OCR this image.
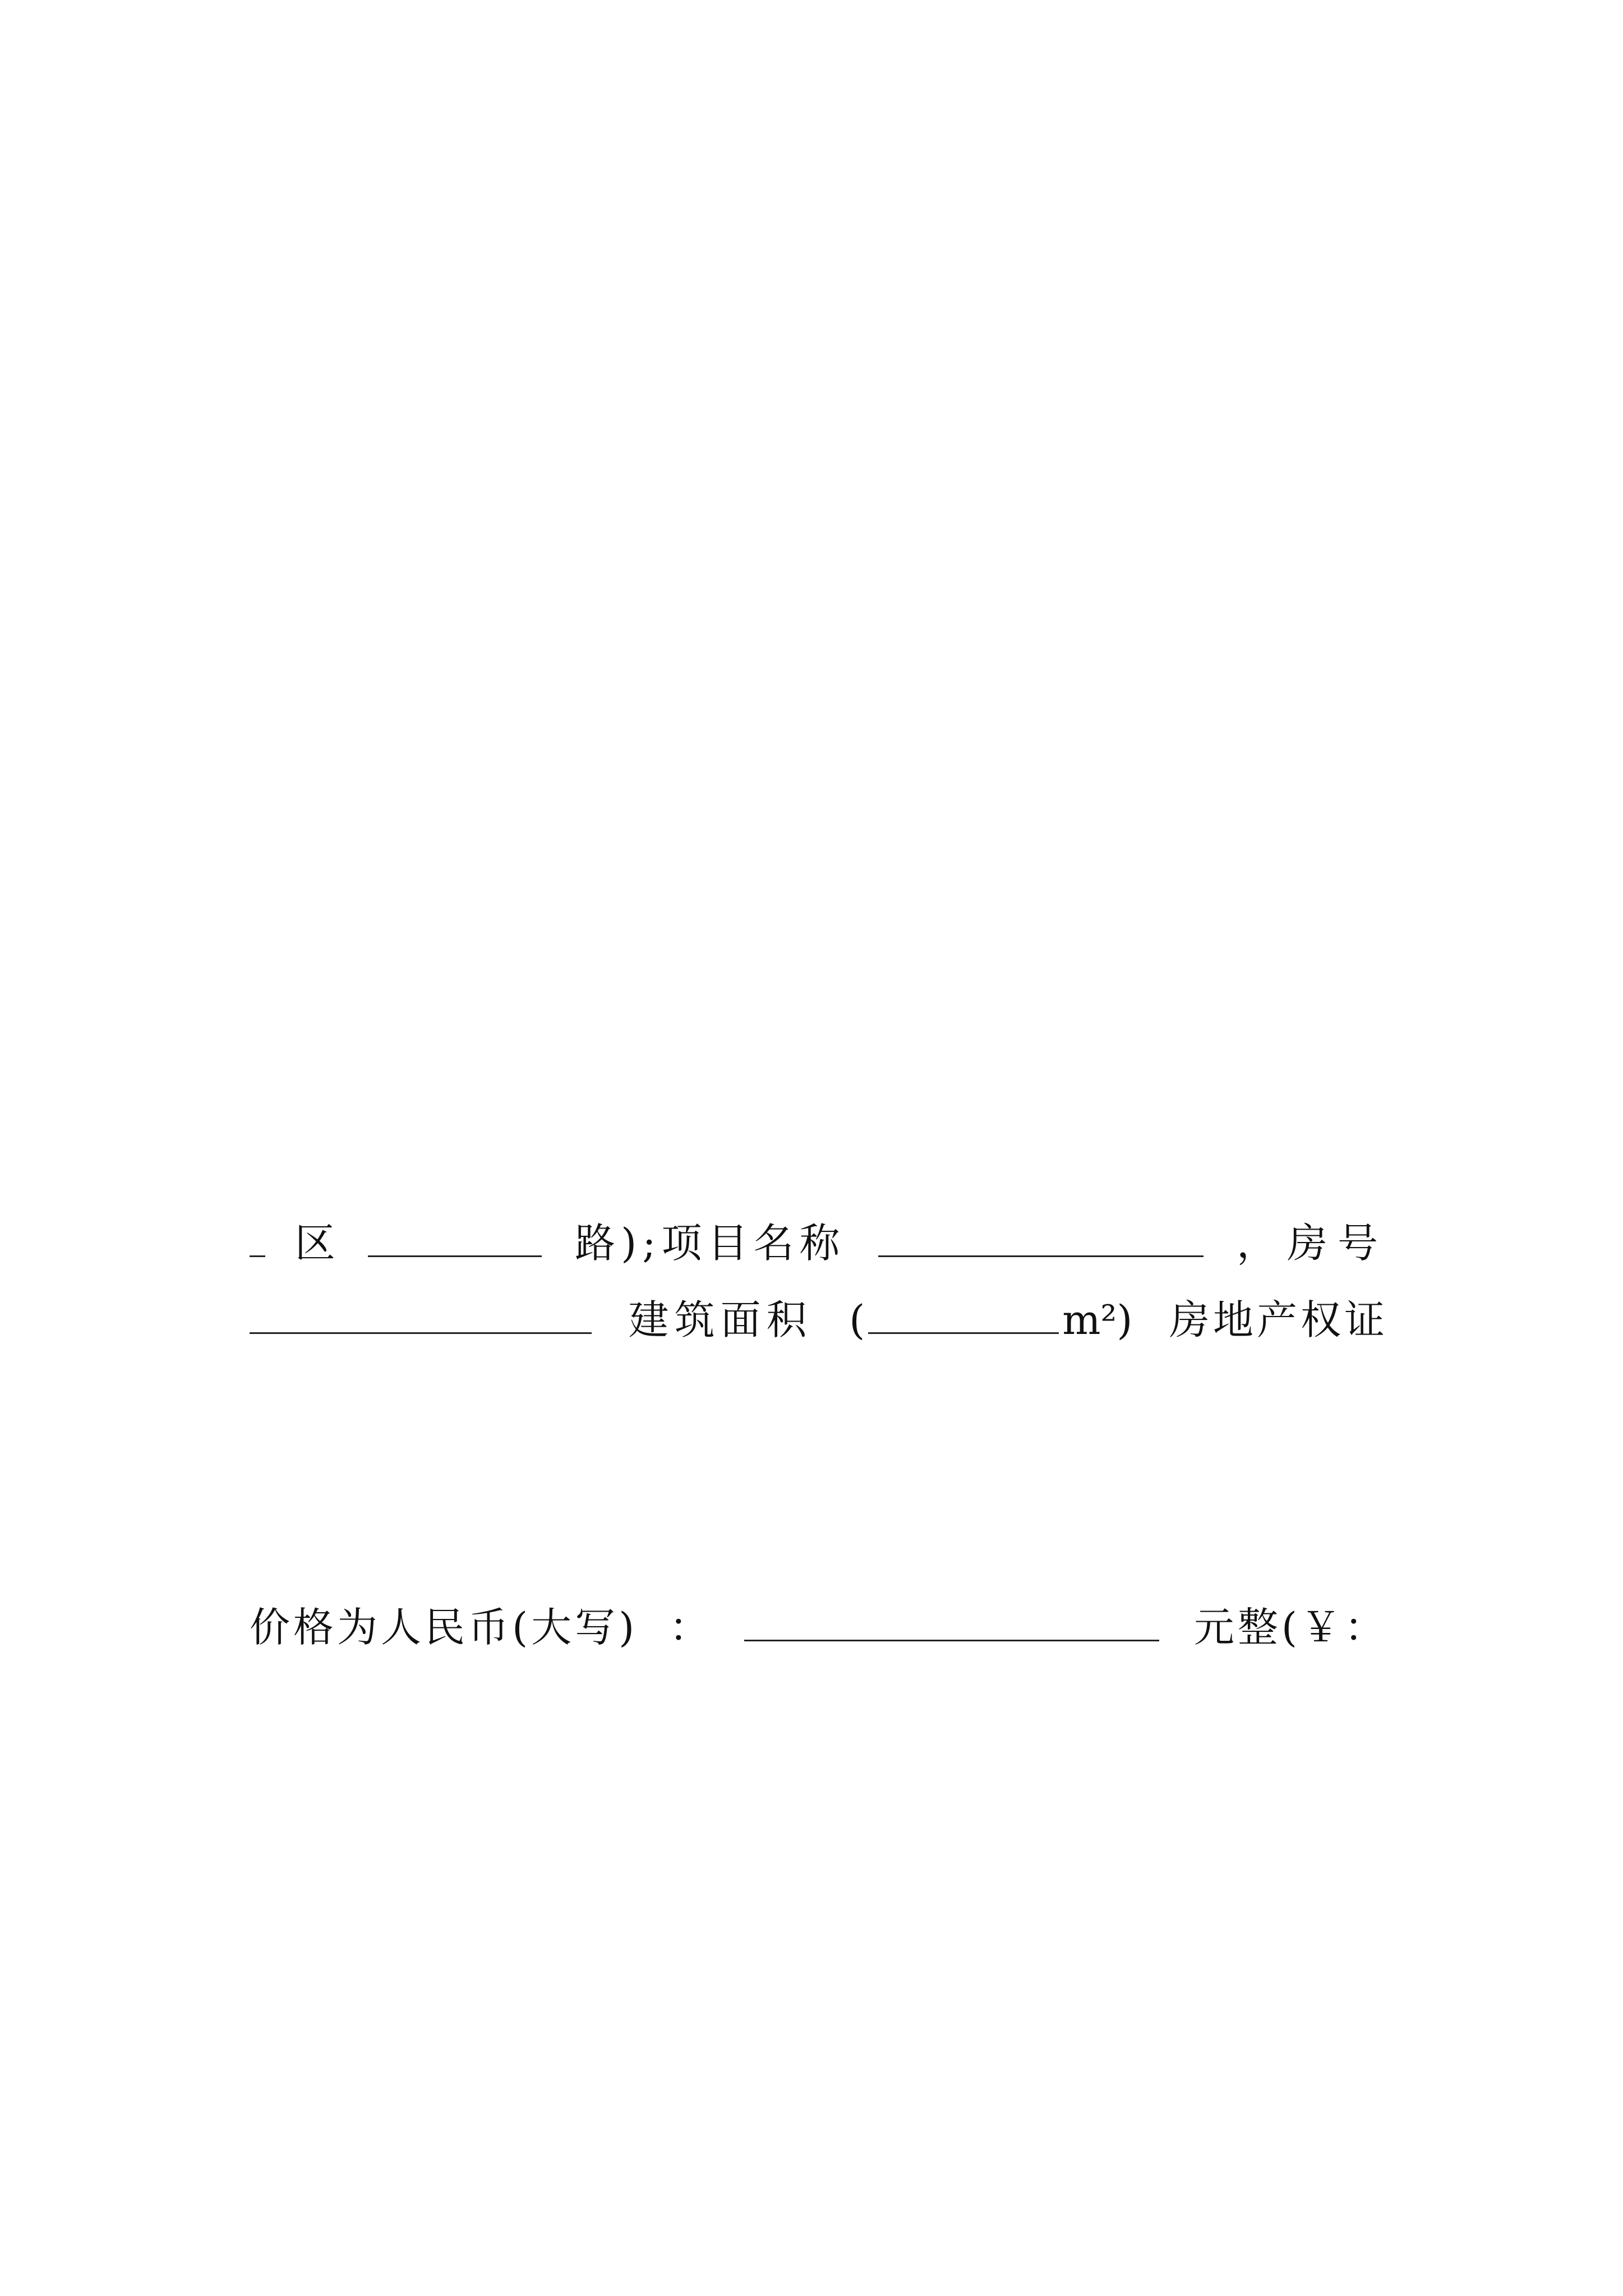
区	路);项目名称	，房号
建筑面积 (	m²) 房地产权证

价格为人民币(大写) ：	元整(￥：
